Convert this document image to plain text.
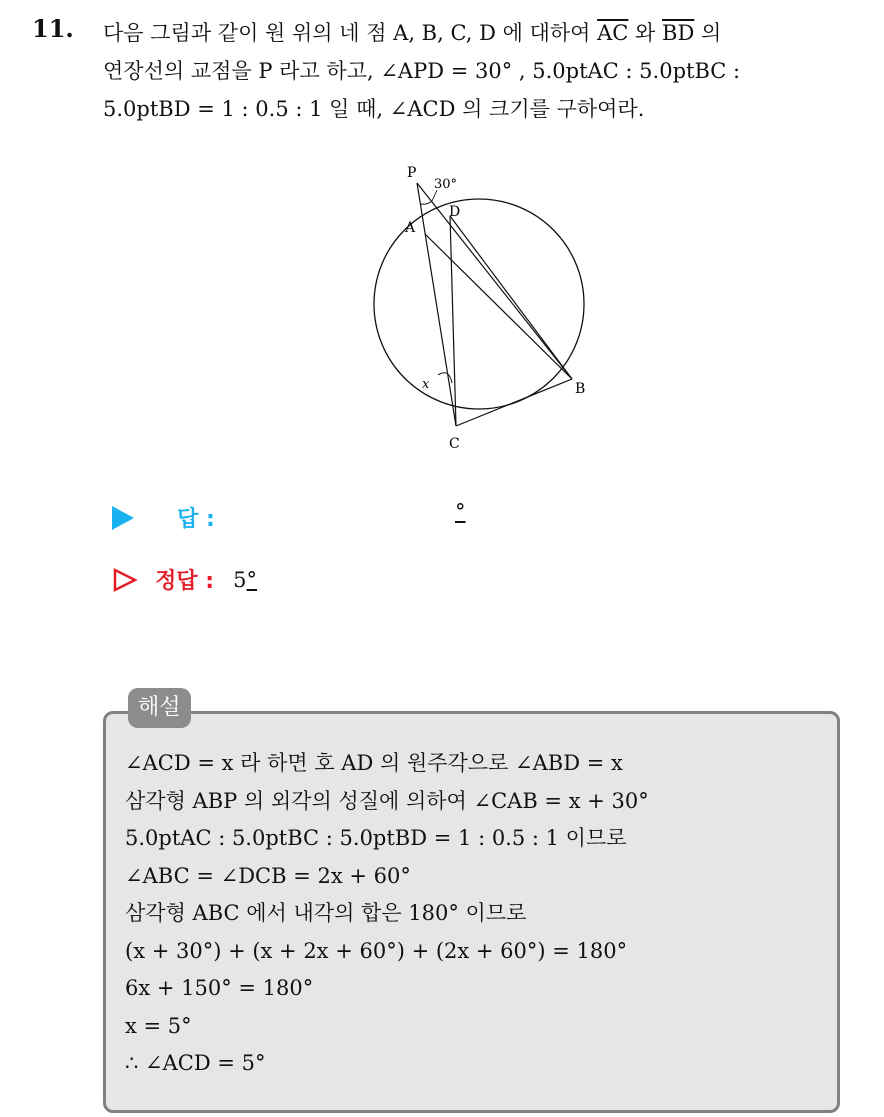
11. 다음 그림과 같이 원 위의 네 점 A, B, C, D 에 대하여 $\overline{AC}$ 와 $\overline{BD}$ 의
연장선의 교점을 P 라고 하고, ∠APD = 30° , 5.0ptAC : 5.0ptBC :
5.0ptBD = 1 : 0.5 : 1 일 때, ∠ACD 의 크기를 구하여라.
P
30°
D
A
B
C
x
답 :	°
정답 : 5°
해설
∠ACD = x 라 하면 호 AD 의 원주각으로 ∠ABD = x
삼각형 ABP 의 외각의 성질에 의하여 ∠CAB = x + 30°
5.0ptAC : 5.0ptBC : 5.0ptBD = 1 : 0.5 : 1 이므로
∠ABC = ∠DCB = 2x + 60°
삼각형 ABC 에서 내각의 합은 180° 이므로
(x + 30°) + (x + 2x + 60°) + (2x + 60°) = 180°
6x + 150° = 180°
x = 5°
∴ ∠ACD = 5°
